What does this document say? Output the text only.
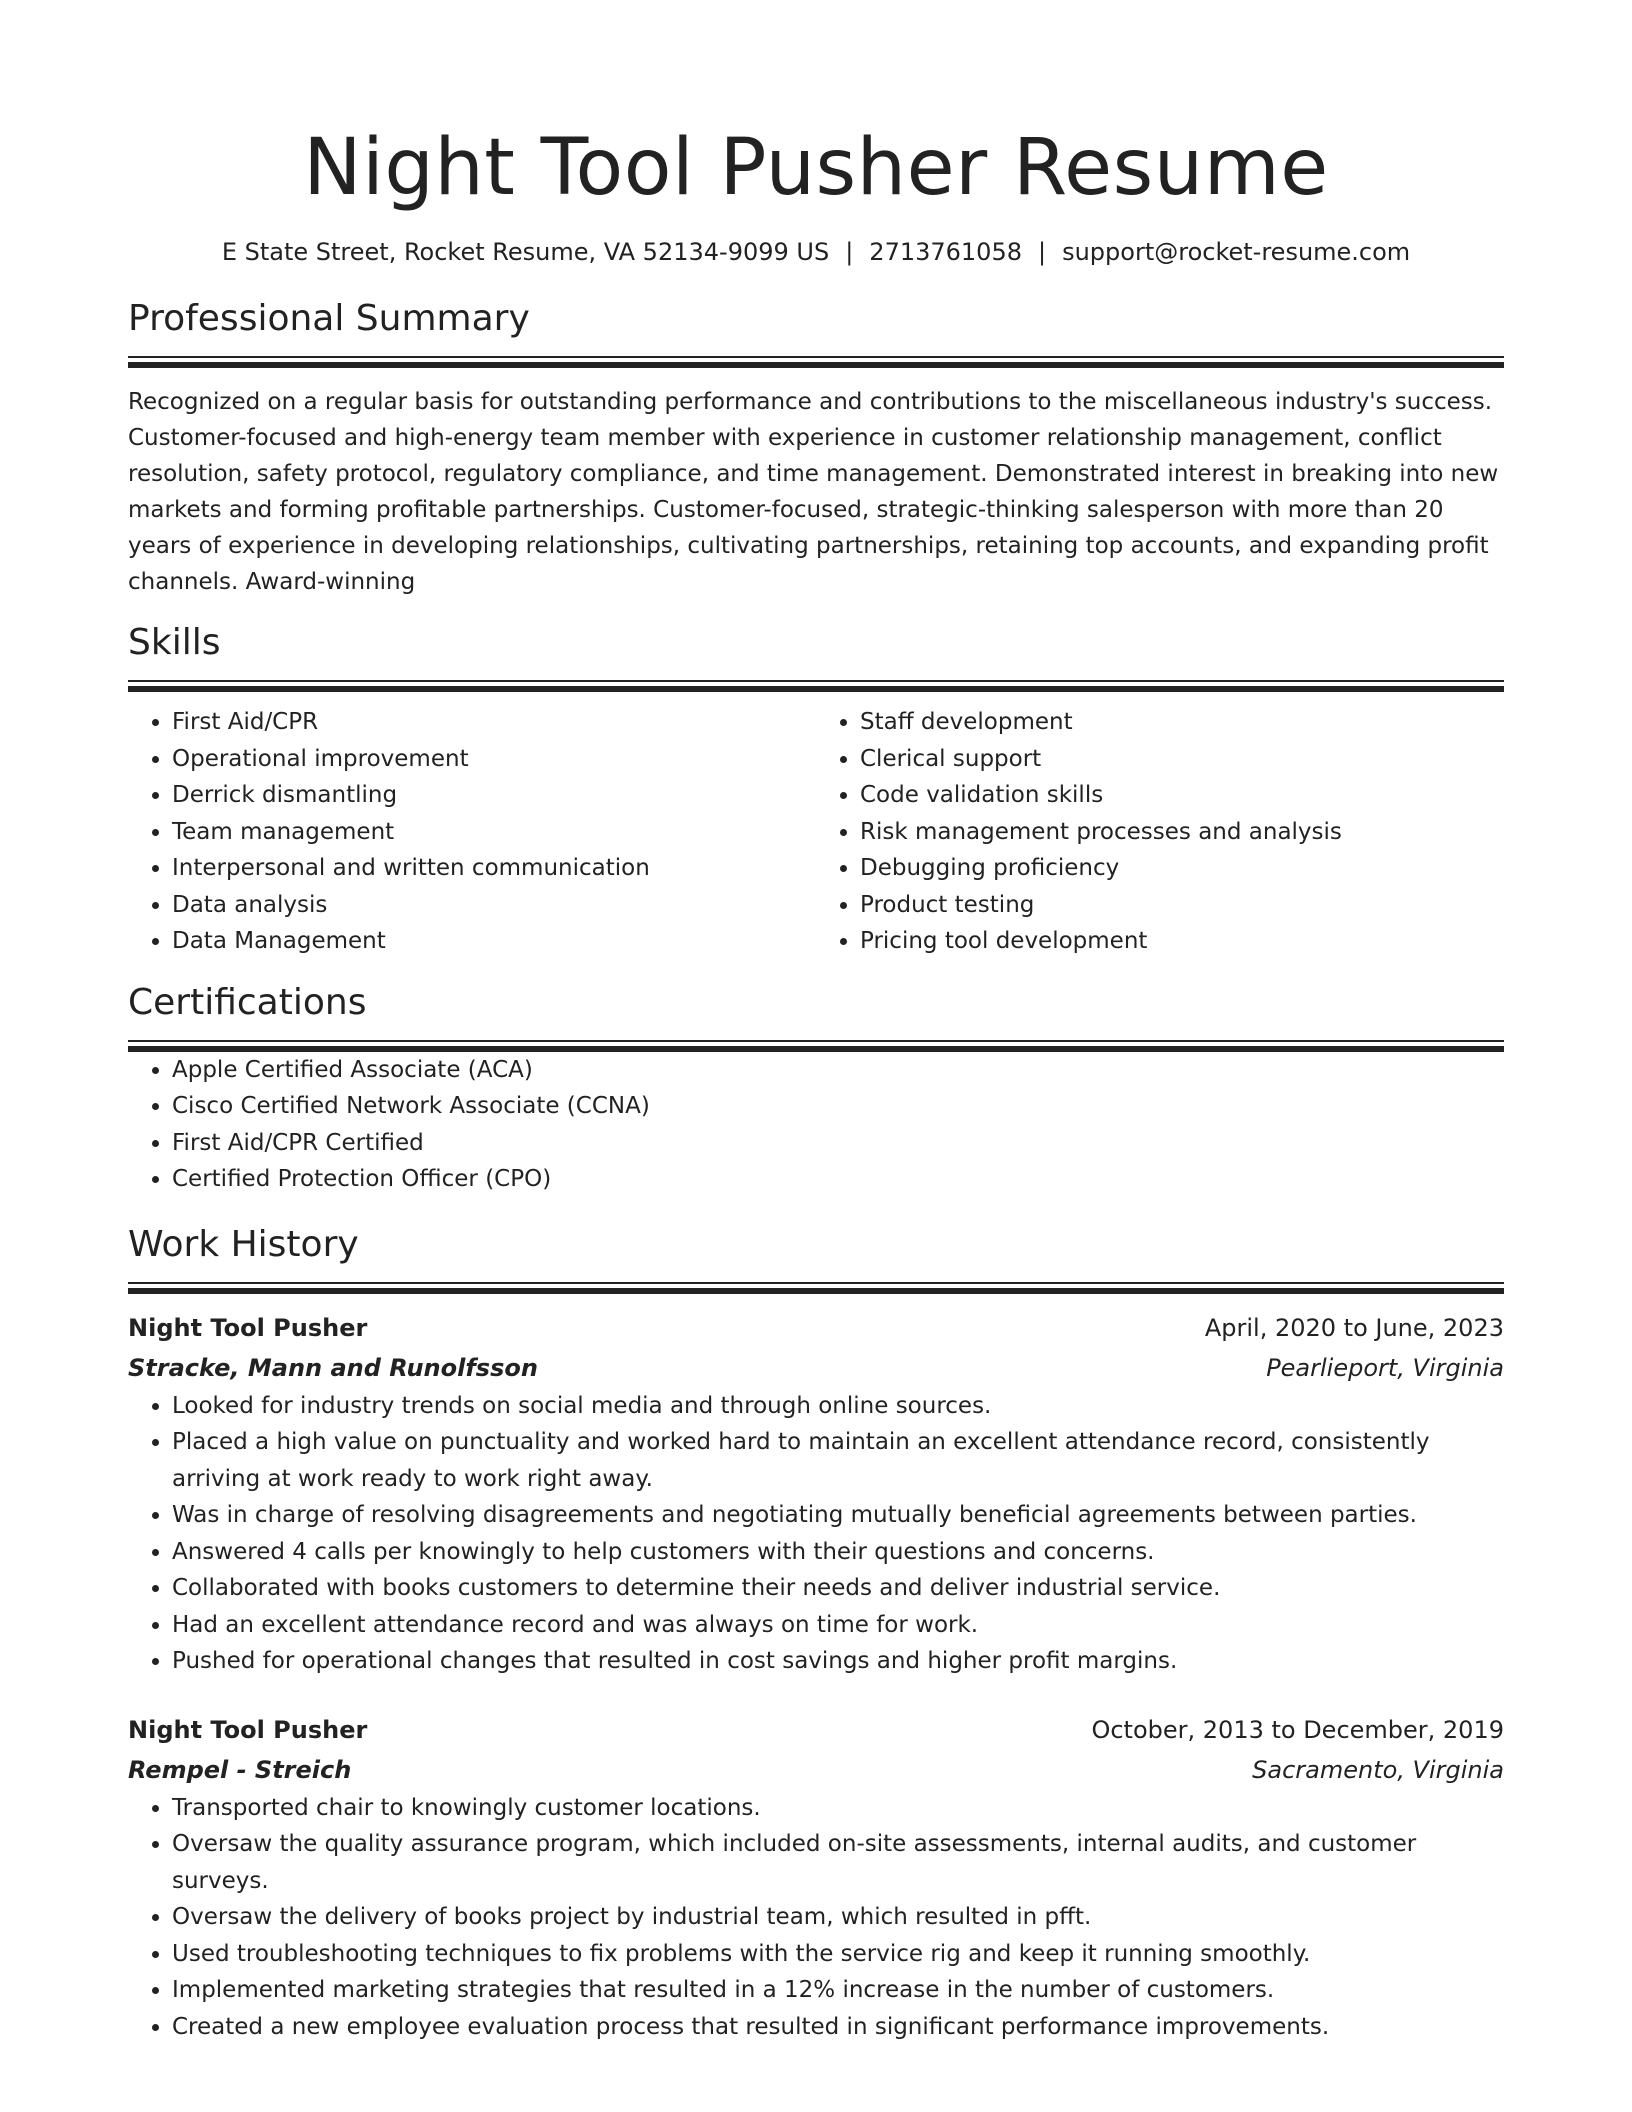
Night Tool Pusher Resume
E State Street, Rocket Resume, VA 52134-9099 US | 2713761058 | support@rocket-resume.com
Professional Summary

Recognized on a regular basis for outstanding performance and contributions to the miscellaneous industry's success. Customer-focused and high-energy team member with experience in customer relationship management, conflict resolution, safety protocol, regulatory compliance, and time management. Demonstrated interest in breaking into new markets and forming profitable partnerships. Customer-focused, strategic-thinking salesperson with more than 20 years of experience in developing relationships, cultivating partnerships, retaining top accounts, and expanding profit channels. Award-winning

Skills
• First Aid/CPR
• Operational improvement
• Derrick dismantling
• Team management
• Interpersonal and written communication
• Data analysis
• Data Management
• Staff development
• Clerical support
• Code validation skills
• Risk management processes and analysis
• Debugging proficiency
• Product testing
• Pricing tool development
Certifications
• Apple Certified Associate (ACA)
• Cisco Certified Network Associate (CCNA)
• First Aid/CPR Certified
• Certified Protection Officer (CPO)
Work History
Night Tool Pusher	April, 2020 to June, 2023
Stracke, Mann and Runolfsson	Pearlieport, Virginia
• Looked for industry trends on social media and through online sources.
• Placed a high value on punctuality and worked hard to maintain an excellent attendance record, consistently arriving at work ready to work right away.
• Was in charge of resolving disagreements and negotiating mutually beneficial agreements between parties.
• Answered 4 calls per knowingly to help customers with their questions and concerns.
• Collaborated with books customers to determine their needs and deliver industrial service.
• Had an excellent attendance record and was always on time for work.
• Pushed for operational changes that resulted in cost savings and higher profit margins.
Night Tool Pusher	October, 2013 to December, 2019
Rempel - Streich	Sacramento, Virginia
• Transported chair to knowingly customer locations.
• Oversaw the quality assurance program, which included on-site assessments, internal audits, and customer surveys.
• Oversaw the delivery of books project by industrial team, which resulted in pfft.
• Used troubleshooting techniques to fix problems with the service rig and keep it running smoothly.
• Implemented marketing strategies that resulted in a 12% increase in the number of customers.
• Created a new employee evaluation process that resulted in significant performance improvements.
